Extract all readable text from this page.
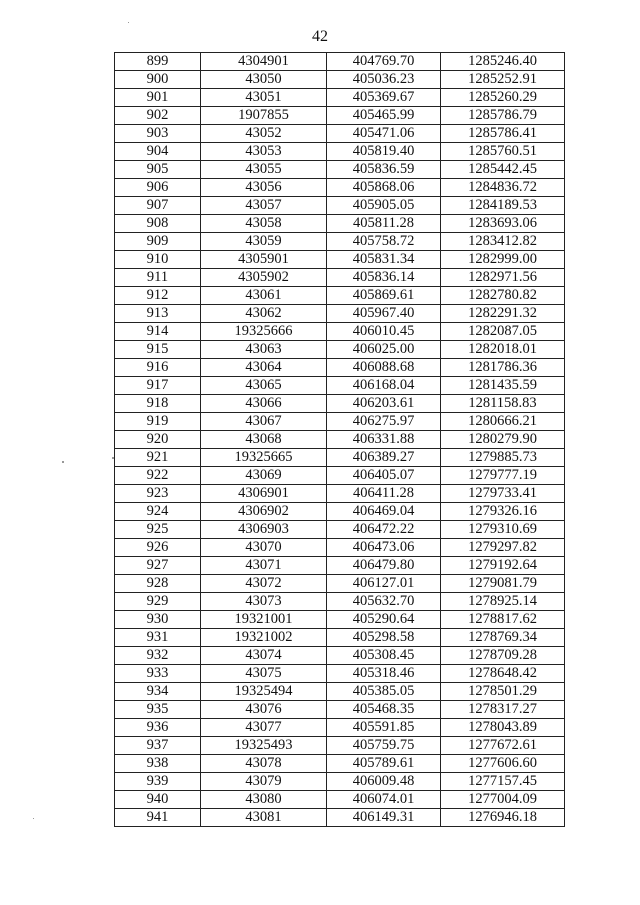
42
899	4304901	404769.70	1285246.40
900	43050	405036.23	1285252.91
901	43051	405369.67	1285260.29
902	1907855	405465.99	1285786.79
903	43052	405471.06	1285786.41
904	43053	405819.40	1285760.51
905	43055	405836.59	1285442.45
906	43056	405868.06	1284836.72
907	43057	405905.05	1284189.53
908	43058	405811.28	1283693.06
909	43059	405758.72	1283412.82
910	4305901	405831.34	1282999.00
911	4305902	405836.14	1282971.56
912	43061	405869.61	1282780.82
913	43062	405967.40	1282291.32
914	19325666	406010.45	1282087.05
915	43063	406025.00	1282018.01
916	43064	406088.68	1281786.36
917	43065	406168.04	1281435.59
918	43066	406203.61	1281158.83
919	43067	406275.97	1280666.21
920	43068	406331.88	1280279.90
921	19325665	406389.27	1279885.73
922	43069	406405.07	1279777.19
923	4306901	406411.28	1279733.41
924	4306902	406469.04	1279326.16
925	4306903	406472.22	1279310.69
926	43070	406473.06	1279297.82
927	43071	406479.80	1279192.64
928	43072	406127.01	1279081.79
929	43073	405632.70	1278925.14
930	19321001	405290.64	1278817.62
931	19321002	405298.58	1278769.34
932	43074	405308.45	1278709.28
933	43075	405318.46	1278648.42
934	19325494	405385.05	1278501.29
935	43076	405468.35	1278317.27
936	43077	405591.85	1278043.89
937	19325493	405759.75	1277672.61
938	43078	405789.61	1277606.60
939	43079	406009.48	1277157.45
940	43080	406074.01	1277004.09
941	43081	406149.31	1276946.18
